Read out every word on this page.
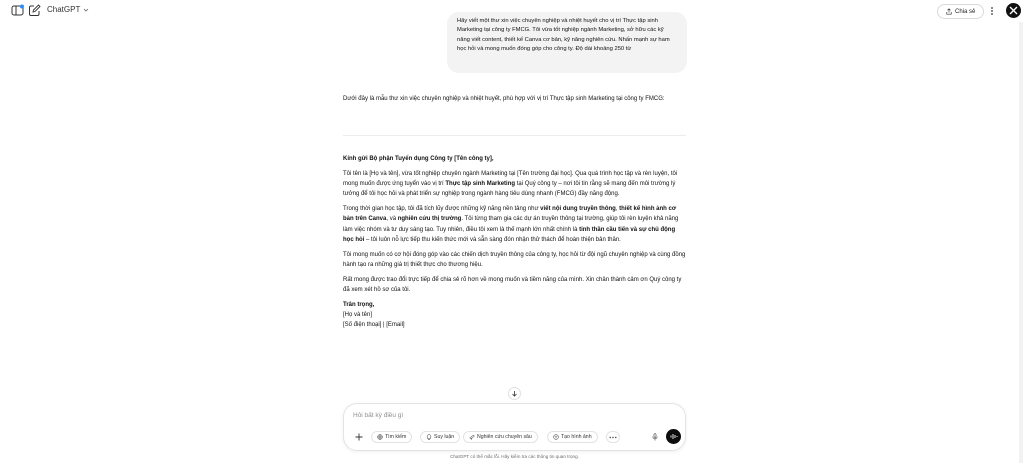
ChatGPT	Chia sẻ
Hãy viết một thư xin việc chuyên nghiệp và nhiệt huyết cho vị trí Thực tập sinh Marketing tại công ty FMCG. Tôi vừa tốt nghiệp ngành Marketing, sở hữu các kỹ năng viết content, thiết kế Canva cơ bản, kỹ năng nghiên cứu. Nhấn mạnh sự ham học hỏi và mong muốn đóng góp cho công ty. Độ dài khoảng 250 từ
Dưới đây là mẫu thư xin việc chuyên nghiệp và nhiệt huyết, phù hợp với vị trí Thực tập sinh Marketing tại công ty FMCG:

Kính gửi Bộ phận Tuyển dụng Công ty [Tên công ty],

Tôi tên là [Họ và tên], vừa tốt nghiệp chuyên ngành Marketing tại [Tên trường đại học]. Qua quá trình học tập và rèn luyện, tôi mong muốn được ứng tuyển vào vị trí Thực tập sinh Marketing tại Quý công ty – nơi tôi tin rằng sẽ mang đến môi trường lý tưởng để tôi học hỏi và phát triển sự nghiệp trong ngành hàng tiêu dùng nhanh (FMCG) đầy năng động.

Trong thời gian học tập, tôi đã tích lũy được những kỹ năng nền tảng như viết nội dung truyền thông, thiết kế hình ảnh cơ bản trên Canva, và nghiên cứu thị trường. Tôi từng tham gia các dự án truyền thông tại trường, giúp tôi rèn luyện khả năng làm việc nhóm và tư duy sáng tạo. Tuy nhiên, điều tôi xem là thế mạnh lớn nhất chính là tinh thần cầu tiến và sự chủ động học hỏi – tôi luôn nỗ lực tiếp thu kiến thức mới và sẵn sàng đón nhận thử thách để hoàn thiện bản thân.

Tôi mong muốn có cơ hội đóng góp vào các chiến dịch truyền thông của công ty, học hỏi từ đội ngũ chuyên nghiệp và cùng đồng hành tạo ra những giá trị thiết thực cho thương hiệu.

Rất mong được trao đổi trực tiếp để chia sẻ rõ hơn về mong muốn và tiềm năng của mình. Xin chân thành cảm ơn Quý công ty đã xem xét hồ sơ của tôi.

Trân trọng,
[Họ và tên]
[Số điện thoại] | [Email]
Hỏi bất kỳ điều gì
Tìm kiếm	Suy luận	Nghiên cứu chuyên sâu	Tạo hình ảnh
ChatGPT có thể mắc lỗi. Hãy kiểm tra các thông tin quan trọng.
